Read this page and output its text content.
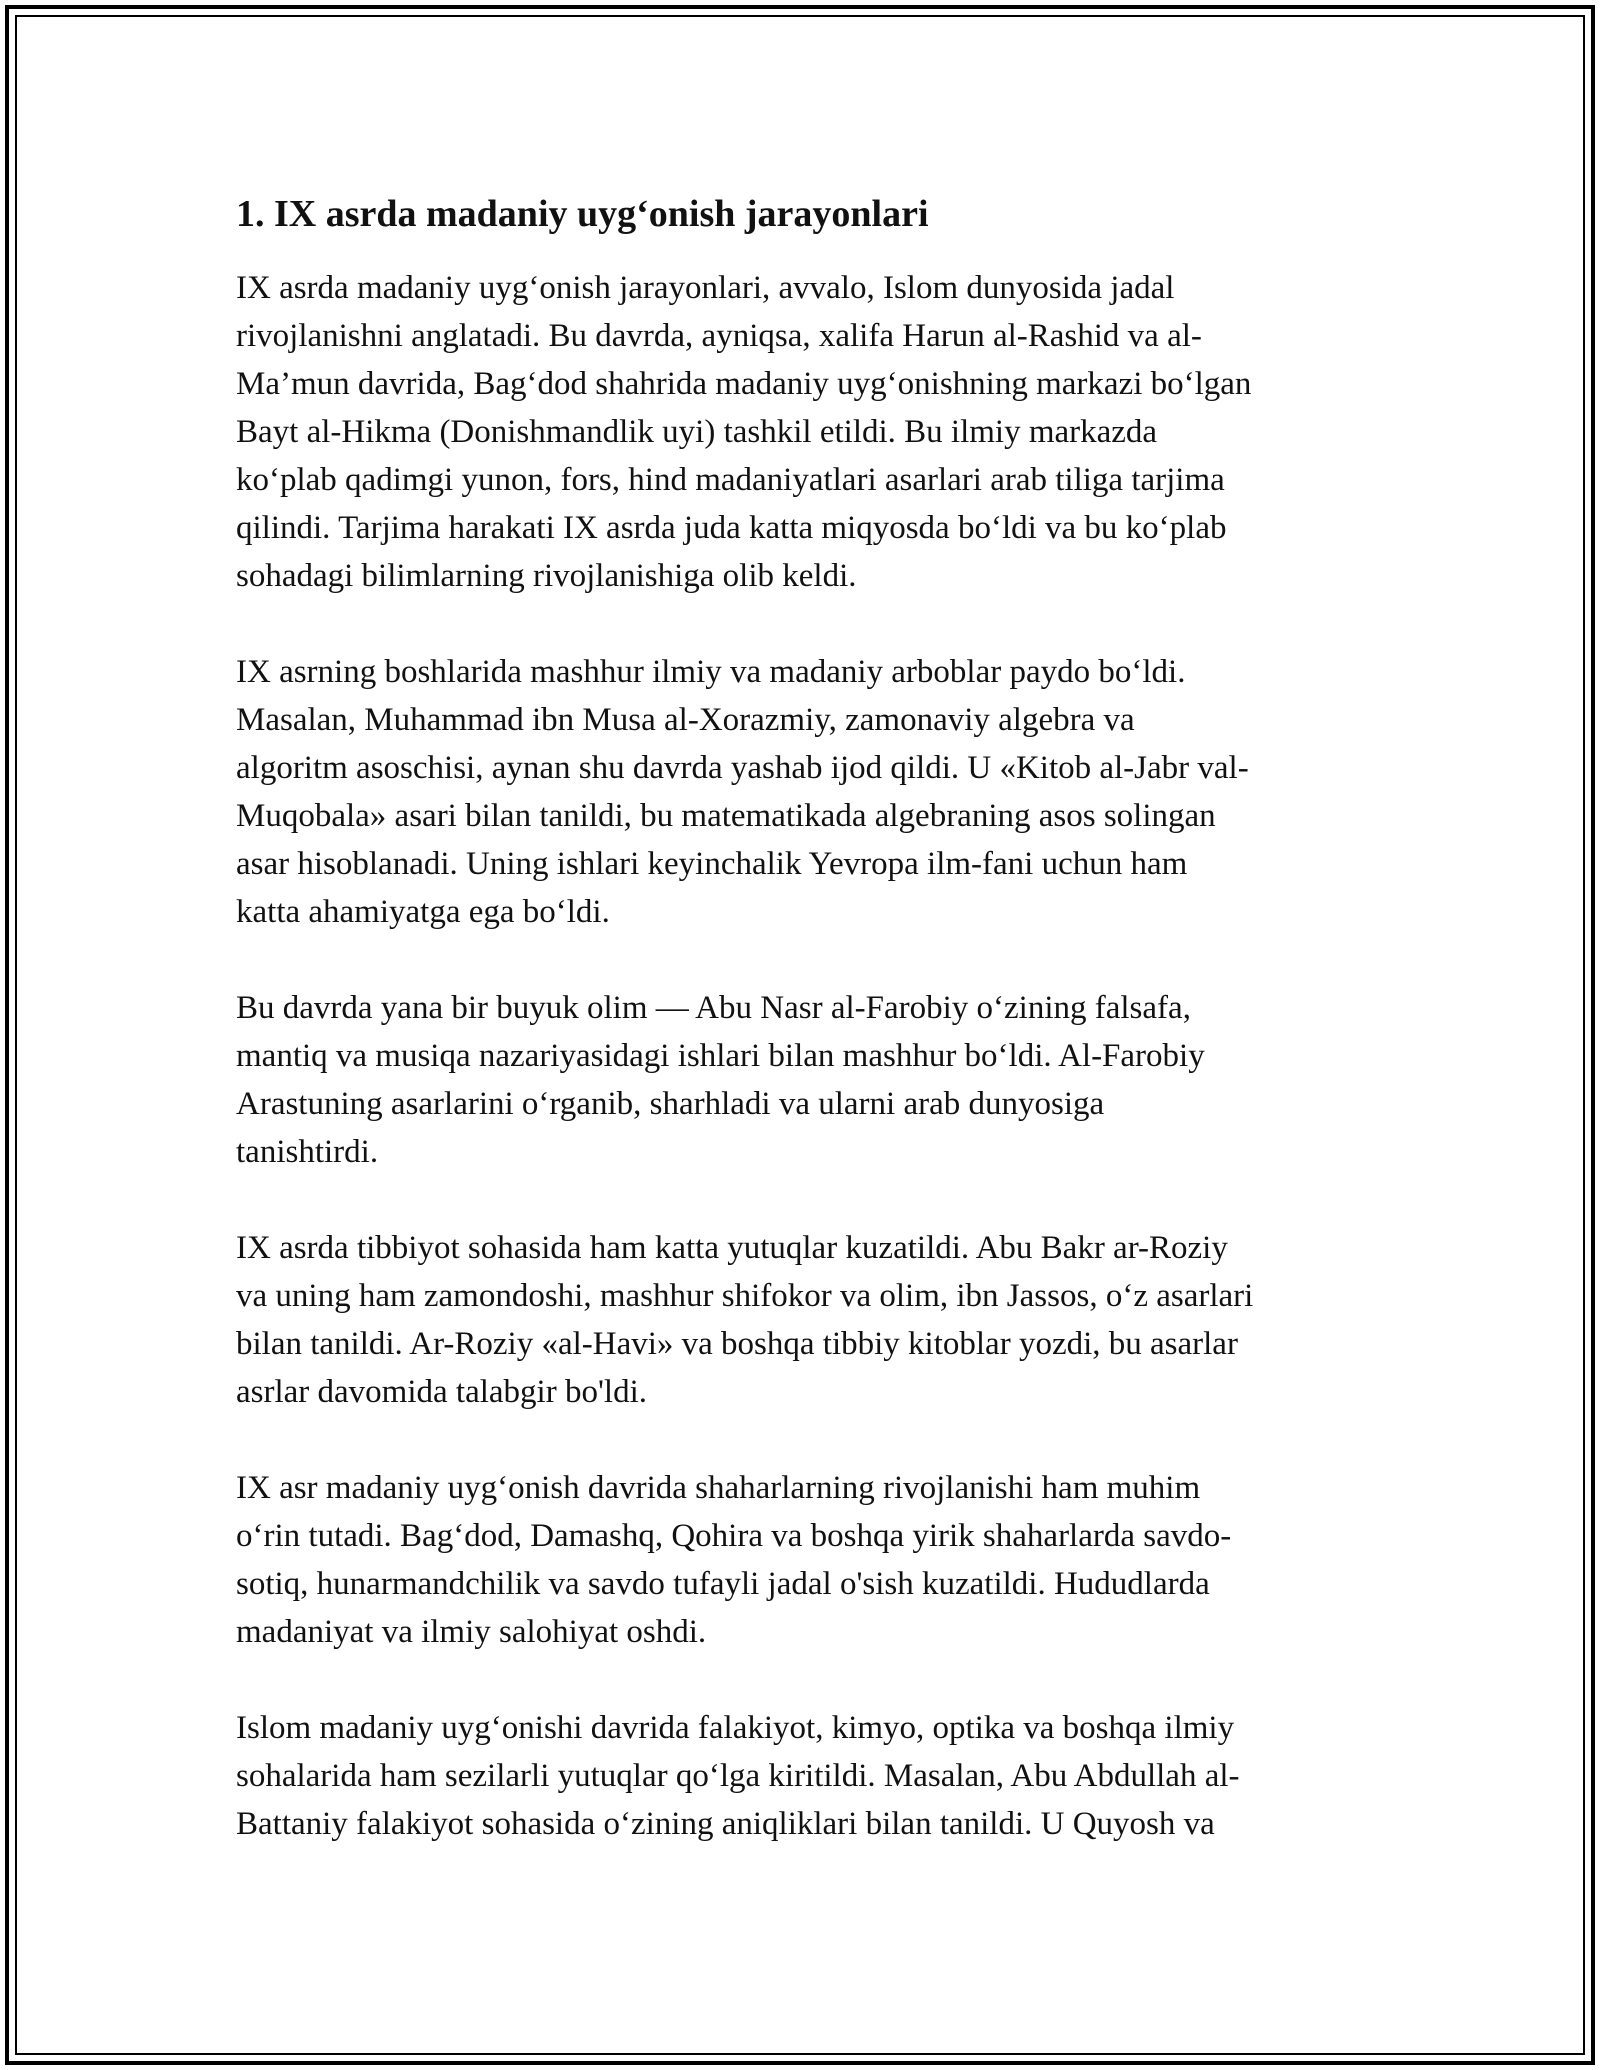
1. IX asrda madaniy uyg‘onish jarayonlari

IX asrda madaniy uyg‘onish jarayonlari, avvalo, Islom dunyosida jadal
rivojlanishni anglatadi. Bu davrda, ayniqsa, xalifa Harun al-Rashid va al-
Ma’mun davrida, Bag‘dod shahrida madaniy uyg‘onishning markazi bo‘lgan
Bayt al-Hikma (Donishmandlik uyi) tashkil etildi. Bu ilmiy markazda
ko‘plab qadimgi yunon, fors, hind madaniyatlari asarlari arab tiliga tarjima
qilindi. Tarjima harakati IX asrda juda katta miqyosda bo‘ldi va bu ko‘plab
sohadagi bilimlarning rivojlanishiga olib keldi.

IX asrning boshlarida mashhur ilmiy va madaniy arboblar paydo bo‘ldi.
Masalan, Muhammad ibn Musa al-Xorazmiy, zamonaviy algebra va
algoritm asoschisi, aynan shu davrda yashab ijod qildi. U «Kitob al-Jabr val-
Muqobala» asari bilan tanildi, bu matematikada algebraning asos solingan
asar hisoblanadi. Uning ishlari keyinchalik Yevropa ilm-fani uchun ham
katta ahamiyatga ega bo‘ldi.

Bu davrda yana bir buyuk olim — Abu Nasr al-Farobiy o‘zining falsafa,
mantiq va musiqa nazariyasidagi ishlari bilan mashhur bo‘ldi. Al-Farobiy
Arastuning asarlarini o‘rganib, sharhladi va ularni arab dunyosiga
tanishtirdi.

IX asrda tibbiyot sohasida ham katta yutuqlar kuzatildi. Abu Bakr ar-Roziy
va uning ham zamondoshi, mashhur shifokor va olim, ibn Jassos, o‘z asarlari
bilan tanildi. Ar-Roziy «al-Havi» va boshqa tibbiy kitoblar yozdi, bu asarlar
asrlar davomida talabgir bo'ldi.

IX asr madaniy uyg‘onish davrida shaharlarning rivojlanishi ham muhim
o‘rin tutadi. Bag‘dod, Damashq, Qohira va boshqa yirik shaharlarda savdo-
sotiq, hunarmandchilik va savdo tufayli jadal o'sish kuzatildi. Hududlarda
madaniyat va ilmiy salohiyat oshdi.

Islom madaniy uyg‘onishi davrida falakiyot, kimyo, optika va boshqa ilmiy
sohalarida ham sezilarli yutuqlar qo‘lga kiritildi. Masalan, Abu Abdullah al-
Battaniy falakiyot sohasida o‘zining aniqliklari bilan tanildi. U Quyosh va
